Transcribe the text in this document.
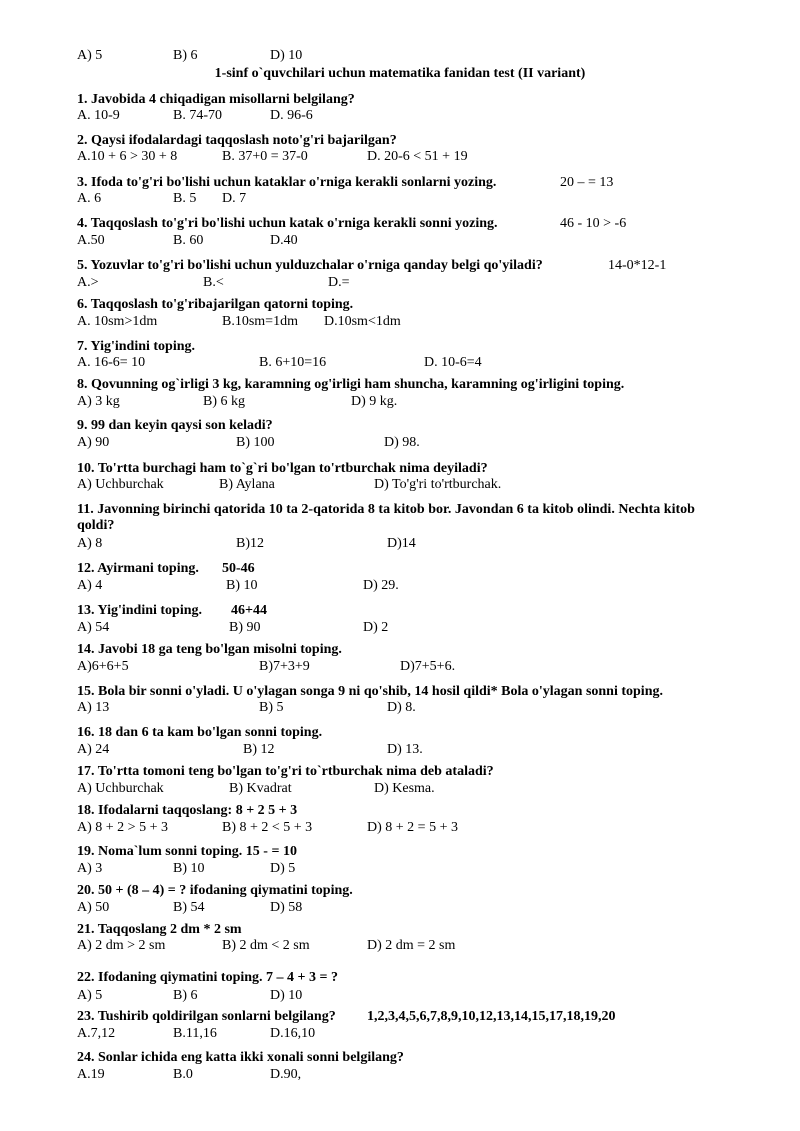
A) 5	B) 6	D) 10
1-sinf o`quvchilari uchun matematika fanidan test (II variant)
1. Javobida 4 chiqadigan misollarni belgilang?
A. 10-9	B. 74-70	D. 96-6
2. Qaysi ifodalardagi taqqoslash noto'g'ri bajarilgan?
A.10 + 6 > 30 + 8	B. 37+0 = 37-0	D. 20-6 < 51 + 19
3. Ifoda to'g'ri bo'lishi uchun kataklar o'rniga kerakli sonlarni yozing.	20 – = 13
A. 6	B. 5 D. 7
4. Taqqoslash to'g'ri bo'lishi uchun katak o'rniga kerakli sonni yozing.	46 - 10 > -6
A.50	B. 60	D.40
5. Yozuvlar to'g'ri bo'lishi uchun yulduzchalar o'rniga qanday belgi qo'yiladi?	14-0*12-1
A.>	B.<	D.=
6. Taqqoslash to'g'ribajarilgan qatorni toping.
A. 10sm>1dm	B.10sm=1dm D.10sm<1dm
7. Yig'indini toping.
A. 16-6= 10	B. 6+10=16	D. 10-6=4
8. Qovunning og`irligi 3 kg, karamning og'irligi ham shuncha, karamning og'irligini toping.
A) 3 kg	B) 6 kg	D) 9 kg.
9. 99 dan keyin qaysi son keladi?
A) 90	B) 100	D) 98.
10. To'rtta burchagi ham to`g`ri bo'lgan to'rtburchak nima deyiladi?
A) Uchburchak	B) Aylana	D) To'g'ri to'rtburchak.
11. Javonning birinchi qatorida 10 ta 2-qatorida 8 ta kitob bor. Javondan 6 ta kitob olindi. Nechta kitob qoldi?
A) 8	B)12	D)14
12. Ayirmani toping. 50-46
A) 4	B) 10	D) 29.
13. Yig'indini toping. 46+44
A) 54	B) 90	D) 2
14. Javobi 18 ga teng bo'lgan misolni toping.
A)6+6+5	B)7+3+9	D)7+5+6.
15. Bola bir sonni o'yladi. U o'ylagan songa 9 ni qo'shib, 14 hosil qildi* Bola o'ylagan sonni toping.
A) 13	B) 5	D) 8.
16. 18 dan 6 ta kam bo'lgan sonni toping.
A) 24	B) 12	D) 13.
17. To'rtta tomoni teng bo'lgan to'g'ri to`rtburchak nima deb ataladi?
A) Uchburchak	B) Kvadrat	D) Kesma.
18. Ifodalarni taqqoslang: 8 + 2 5 + 3
A) 8 + 2 > 5 + 3	B) 8 + 2 < 5 + 3	D) 8 + 2 = 5 + 3
19. Noma`lum sonni toping. 15 - = 10
A) 3	B) 10	D) 5
20. 50 + (8 – 4) = ? ifodaning qiymatini toping.
A) 50	B) 54	D) 58
21. Taqqoslang 2 dm * 2 sm
A) 2 dm > 2 sm	B) 2 dm < 2 sm	D) 2 dm = 2 sm
22. Ifodaning qiymatini toping. 7 – 4 + 3 = ?
A) 5	B) 6	D) 10
23. Tushirib qoldirilgan sonlarni belgilang? 1,2,3,4,5,6,7,8,9,10,12,13,14,15,17,18,19,20
A.7,12	B.11,16	D.16,10
24. Sonlar ichida eng katta ikki xonali sonni belgilang?
A.19	B.0	D.90,
